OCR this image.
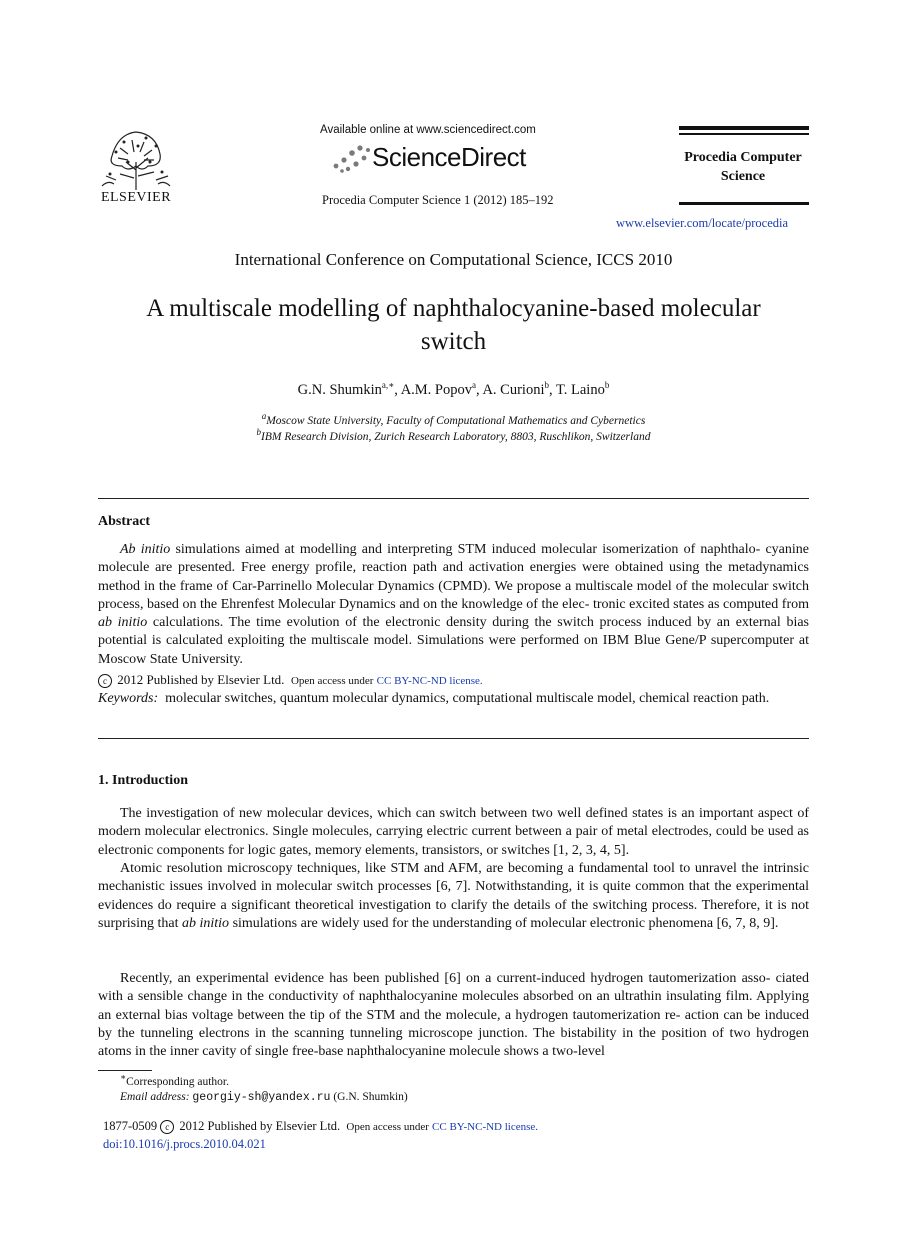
ELSEVIER
Available online at www.sciencedirect.com
ScienceDirect
Procedia Computer Science 1 (2012) 185–192
Procedia Computer
Science
www.elsevier.com/locate/procedia
International Conference on Computational Science, ICCS 2010
A multiscale modelling of naphthalocyanine-based molecular
switch
G.N. Shumkin$^{a,∗}$, A.M. Popov$^a$, A. Curioni$^b$, T. Laino$^b$
$^a$Moscow State University, Faculty of Computational Mathematics and Cybernetics
$^b$IBM Research Division, Zurich Research Laboratory, 8803, Ruschlikon, Switzerland
Abstract
Ab initio simulations aimed at modelling and interpreting STM induced molecular isomerization of naphthalo- cyanine molecule are presented. Free energy profile, reaction path and activation energies were obtained using the metadynamics method in the frame of Car-Parrinello Molecular Dynamics (CPMD). We propose a multiscale model of the molecular switch process, based on the Ehrenfest Molecular Dynamics and on the knowledge of the elec- tronic excited states as computed from ab initio calculations. The time evolution of the electronic density during the switch process induced by an external bias potential is calculated exploiting the multiscale model. Simulations were performed on IBM Blue Gene/P supercomputer at Moscow State University.
c 2012 Published by Elsevier Ltd. Open access under CC BY-NC-ND license.
Keywords: molecular switches, quantum molecular dynamics, computational multiscale model, chemical reaction path.
1. Introduction
The investigation of new molecular devices, which can switch between two well defined states is an important aspect of modern molecular electronics. Single molecules, carrying electric current between a pair of metal electrodes, could be used as electronic components for logic gates, memory elements, transistors, or switches [1, 2, 3, 4, 5].
Atomic resolution microscopy techniques, like STM and AFM, are becoming a fundamental tool to unravel the intrinsic mechanistic issues involved in molecular switch processes [6, 7]. Notwithstanding, it is quite common that the experimental evidences do require a significant theoretical investigation to clarify the details of the switching process. Therefore, it is not surprising that ab initio simulations are widely used for the understanding of molecular electronic phenomena [6, 7, 8, 9].
Recently, an experimental evidence has been published [6] on a current-induced hydrogen tautomerization asso- ciated with a sensible change in the conductivity of naphthalocyanine molecules absorbed on an ultrathin insulating film. Applying an external bias voltage between the tip of the STM and the molecule, a hydrogen tautomerization re- action can be induced by the tunneling electrons in the scanning tunneling microscope junction. The bistability in the position of two hydrogen atoms in the inner cavity of single free-base naphthalocyanine molecule shows a two-level
∗Corresponding author.
Email address: georgiy-sh@yandex.ru (G.N. Shumkin)
1877-0509 c 2012 Published by Elsevier Ltd. Open access under CC BY-NC-ND license.
doi:10.1016/j.procs.2010.04.021
